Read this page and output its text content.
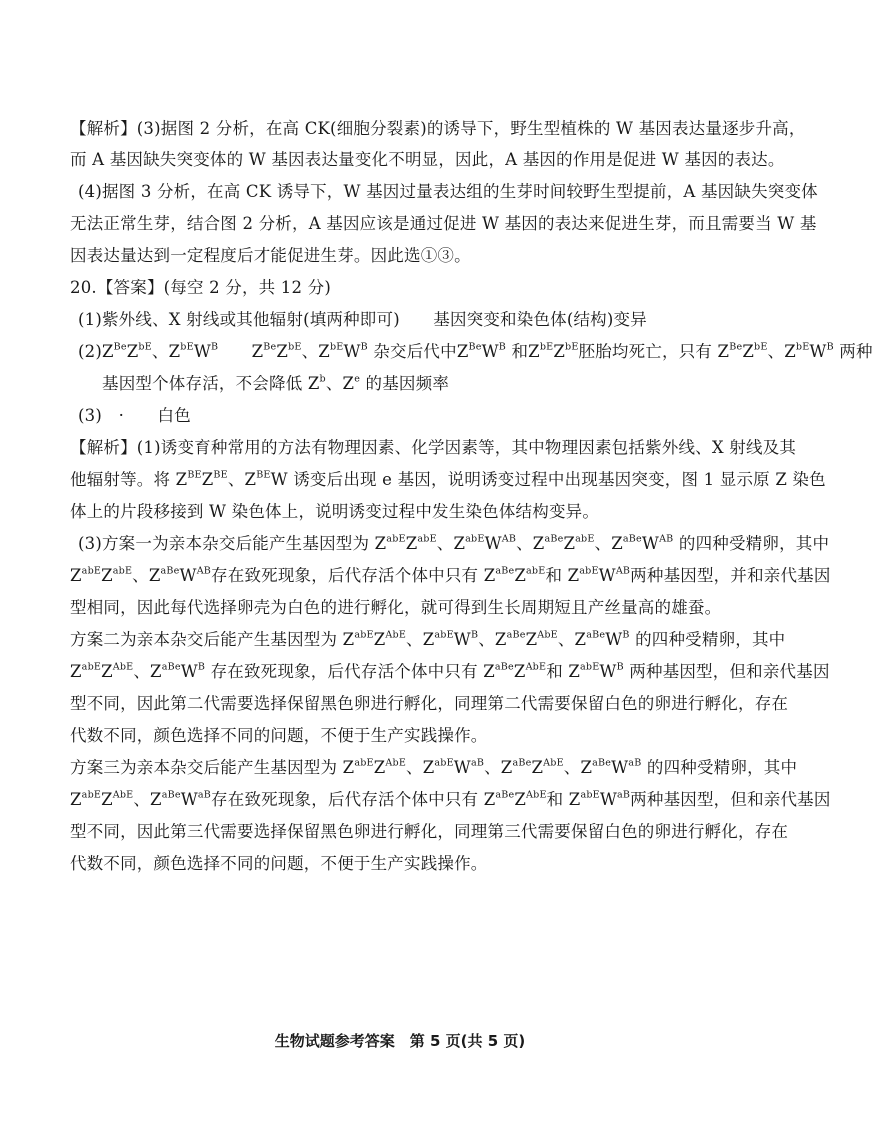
【解析】(3)据图 2 分析，在高 CK(细胞分裂素)的诱导下，野生型植株的 W 基因表达量逐步升高，
而 A 基因缺失突变体的 W 基因表达量变化不明显，因此，A 基因的作用是促进 W 基因的表达。
(4)据图 3 分析，在高 CK 诱导下，W 基因过量表达组的生芽时间较野生型提前，A 基因缺失突变体
无法正常生芽，结合图 2 分析，A 基因应该是通过促进 W 基因的表达来促进生芽，而且需要当 W 基
因表达量达到一定程度后才能促进生芽。因此选①③。
20.【答案】(每空 2 分，共 12 分)
(1)紫外线、X 射线或其他辐射(填两种即可)　　基因突变和染色体(结构)变异
$(2)Z^{Be}Z^{bE}$、$Z^{bE}W^B$　　$Z^{Be}Z^{bE}$、$Z^{bE}W^B$ 杂交后代中$Z^{Be}W^B$ 和$Z^{bE}Z^{bE}$胚胎均死亡，只有 $Z^{Be}Z^{bE}$、$Z^{bE}W^B$ 两种
基因型个体存活，不会降低 $Z^b$、$Z^e$ 的基因频率
(3)　·　　白色
【解析】(1)诱变育种常用的方法有物理因素、化学因素等，其中物理因素包括紫外线、X 射线及其
他辐射等。将 $Z^{BE}Z^{BE}$、$Z^{BE}W$ 诱变后出现 e 基因，说明诱变过程中出现基因突变，图 1 显示原 Z 染色
体上的片段移接到 W 染色体上，说明诱变过程中发生染色体结构变异。
(3)方案一为亲本杂交后能产生基因型为 $Z^{abE}Z^{abE}$、$Z^{abE}W^{AB}$、$Z^{aBe}Z^{abE}$、$Z^{aBe}W^{AB}$ 的四种受精卵，其中
$Z^{abE}Z^{abE}$、$Z^{aBe}W^{AB}$存在致死现象，后代存活个体中只有 $Z^{aBe}Z^{abE}$和 $Z^{abE}W^{AB}$两种基因型，并和亲代基因
型相同，因此每代选择卵壳为白色的进行孵化，就可得到生长周期短且产丝量高的雄蚕。
方案二为亲本杂交后能产生基因型为 $Z^{abE}Z^{AbE}$、$Z^{abE}W^B$、$Z^{aBe}Z^{AbE}$、$Z^{aBe}W^B$ 的四种受精卵，其中
$Z^{abE}Z^{AbE}$、$Z^{aBe}W^B$ 存在致死现象，后代存活个体中只有 $Z^{aBe}Z^{AbE}$和 $Z^{abE}W^B$ 两种基因型，但和亲代基因
型不同，因此第二代需要选择保留黑色卵进行孵化，同理第二代需要保留白色的卵进行孵化，存在
代数不同，颜色选择不同的问题，不便于生产实践操作。
方案三为亲本杂交后能产生基因型为 $Z^{abE}Z^{AbE}$、$Z^{abE}W^{aB}$、$Z^{aBe}Z^{AbE}$、$Z^{aBe}W^{aB}$ 的四种受精卵，其中
$Z^{abE}Z^{AbE}$、$Z^{aBe}W^{aB}$存在致死现象，后代存活个体中只有 $Z^{aBe}Z^{AbE}$和 $Z^{abE}W^{aB}$两种基因型，但和亲代基因
型不同，因此第三代需要选择保留黑色卵进行孵化，同理第三代需要保留白色的卵进行孵化，存在
代数不同，颜色选择不同的问题，不便于生产实践操作。
生物试题参考答案　第 5 页(共 5 页)
